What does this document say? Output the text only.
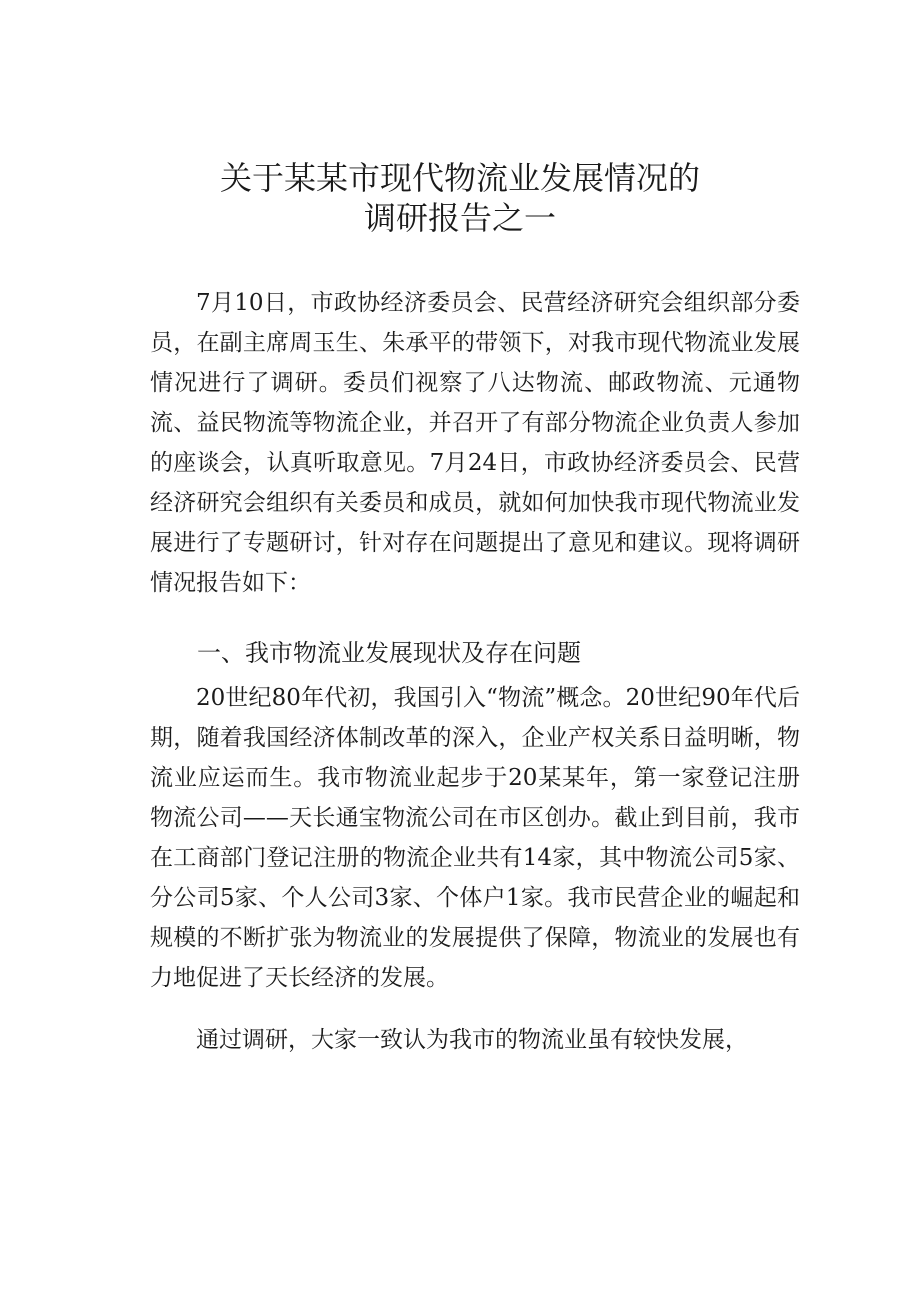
关于某某市现代物流业发展情况的
调研报告之一

7月10日，市政协经济委员会、民营经济研究会组织部分委员，在副主席周玉生、朱承平的带领下，对我市现代物流业发展情况进行了调研。委员们视察了八达物流、邮政物流、元通物流、益民物流等物流企业，并召开了有部分物流企业负责人参加的座谈会，认真听取意见。7月24日，市政协经济委员会、民营经济研究会组织有关委员和成员，就如何加快我市现代物流业发展进行了专题研讨，针对存在问题提出了意见和建议。现将调研情况报告如下：

一、我市物流业发展现状及存在问题

20世纪80年代初，我国引入“物流”概念。20世纪90年代后期，随着我国经济体制改革的深入，企业产权关系日益明晰，物流业应运而生。我市物流业起步于20某某年，第一家登记注册物流公司——天长通宝物流公司在市区创办。截止到目前，我市在工商部门登记注册的物流企业共有14家，其中物流公司5家、分公司5家、个人公司3家、个体户1家。我市民营企业的崛起和规模的不断扩张为物流业的发展提供了保障，物流业的发展也有力地促进了天长经济的发展。

通过调研，大家一致认为我市的物流业虽有较快发展，
